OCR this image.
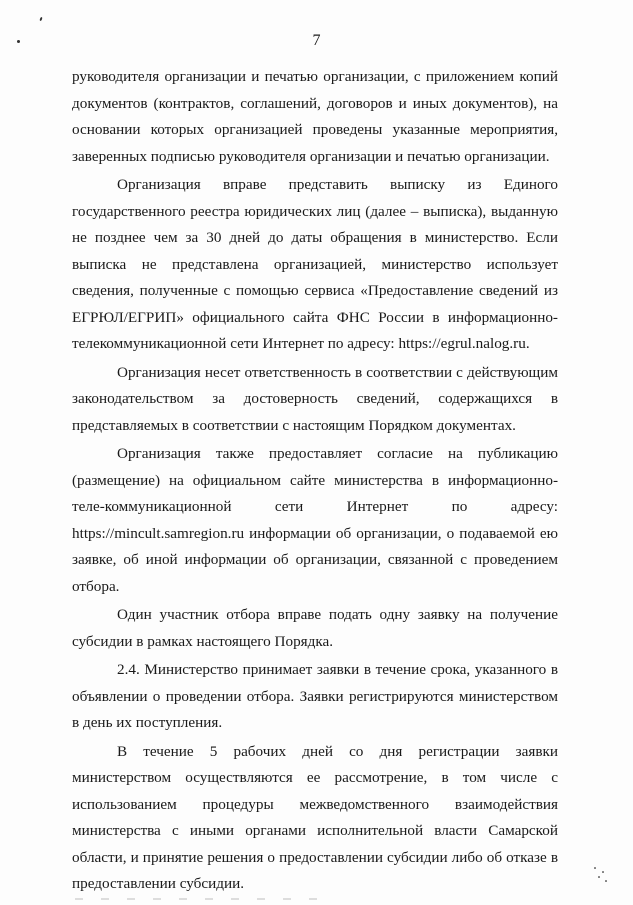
7

руководителя организации и печатью организации, с приложением копий документов (контрактов, соглашений, договоров и иных документов), на основании которых организацией проведены указанные мероприятия, заверенных подписью руководителя организации и печатью организации.

Организация вправе представить выписку из Единого государственного реестра юридических лиц (далее – выписка), выданную не позднее чем за 30 дней до даты обращения в министерство. Если выписка не представлена организацией, министерство использует сведения, полученные с помощью сервиса «Предоставление сведений из ЕГРЮЛ/ЕГРИП» официального сайта ФНС России в информационно-телекоммуникационной сети Интернет по адресу: https://egrul.nalog.ru.

Организация несет ответственность в соответствии с действующим законодательством за достоверность сведений, содержащихся в представляемых в соответствии с настоящим Порядком документах.

Организация также предоставляет согласие на публикацию (размещение) на официальном сайте министерства в информационно-теле-коммуникационной сети Интернет по адресу: https://mincult.samregion.ru информации об организации, о подаваемой ею заявке, об иной информации об организации, связанной с проведением отбора.

Один участник отбора вправе подать одну заявку на получение субсидии в рамках настоящего Порядка.

2.4. Министерство принимает заявки в течение срока, указанного в объявлении о проведении отбора. Заявки регистрируются министерством в день их поступления.

В течение 5 рабочих дней со дня регистрации заявки министерством осуществляются ее рассмотрение, в том числе с использованием процедуры межведомственного взаимодействия министерства с иными органами исполнительной власти Самарской области, и принятие решения о предоставлении субсидии либо об отказе в предоставлении субсидии.
